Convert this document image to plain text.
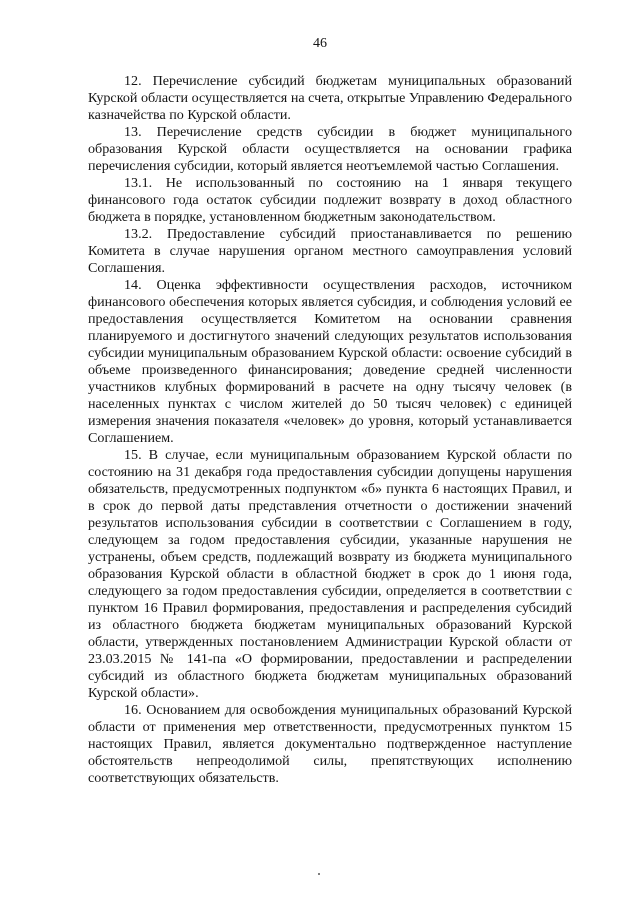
46

12. Перечисление субсидий бюджетам муниципальных образований Курской области осуществляется на счета, открытые Управлению Федерального казначейства по Курской области.

13. Перечисление средств субсидии в бюджет муниципального образования Курской области осуществляется на основании графика перечисления субсидии, который является неотъемлемой частью Соглашения.

13.1. Не использованный по состоянию на 1 января текущего финансового года остаток субсидии подлежит возврату в доход областного бюджета в порядке, установленном бюджетным законодательством.

13.2. Предоставление субсидий приостанавливается по решению Комитета в случае нарушения органом местного самоуправления условий Соглашения.

14. Оценка эффективности осуществления расходов, источником финансового обеспечения которых является субсидия, и соблюдения условий ее предоставления осуществляется Комитетом на основании сравнения планируемого и достигнутого значений следующих результатов использования субсидии муниципальным образованием Курской области: освоение субсидий в объеме произведенного финансирования; доведение средней численности участников клубных формирований в расчете на одну тысячу человек (в населенных пунктах с числом жителей до 50 тысяч человек) с единицей измерения значения показателя «человек» до уровня, который устанавливается Соглашением.

15. В случае, если муниципальным образованием Курской области по состоянию на 31 декабря года предоставления субсидии допущены нарушения обязательств, предусмотренных подпунктом «б» пункта 6 настоящих Правил, и в срок до первой даты представления отчетности о достижении значений результатов использования субсидии в соответствии с Соглашением в году, следующем за годом предоставления субсидии, указанные нарушения не устранены, объем средств, подлежащий возврату из бюджета муниципального образования Курской области в областной бюджет в срок до 1 июня года, следующего за годом предоставления субсидии, определяется в соответствии с пунктом 16 Правил формирования, предоставления и распределения субсидий из областного бюджета бюджетам муниципальных образований Курской области, утвержденных постановлением Администрации Курской области от 23.03.2015 № 141-па «О формировании, предоставлении и распределении субсидий из областного бюджета бюджетам муниципальных образований Курской области».

16. Основанием для освобождения муниципальных образований Курской области от применения мер ответственности, предусмотренных пунктом 15 настоящих Правил, является документально подтвержденное наступление обстоятельств непреодолимой силы, препятствующих исполнению соответствующих обязательств.
